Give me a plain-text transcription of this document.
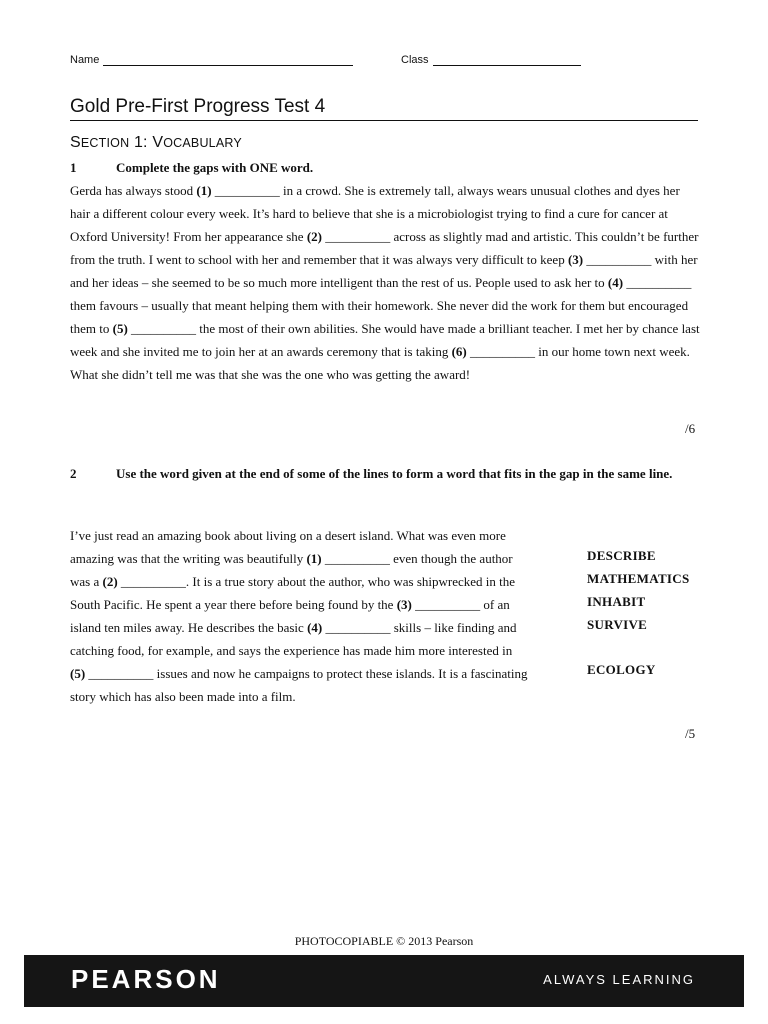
Name	Class
Gold Pre-First Progress Test 4
SECTION 1: VOCABULARY
1	Complete the gaps with ONE word.

Gerda has always stood (1) __________ in a crowd. She is extremely tall, always wears unusual clothes and dyes her hair a different colour every week. It’s hard to believe that she is a microbiologist trying to find a cure for cancer at Oxford University! From her appearance she (2) __________ across as slightly mad and artistic. This couldn’t be further from the truth. I went to school with her and remember that it was always very difficult to keep (3) __________ with her and her ideas – she seemed to be so much more intelligent than the rest of us. People used to ask her to (4) __________ them favours – usually that meant helping them with their homework. She never did the work for them but encouraged them to (5) __________ the most of their own abilities. She would have made a brilliant teacher. I met her by chance last week and she invited me to join her at an awards ceremony that is taking (6) __________ in our home town next week. What she didn’t tell me was that she was the one who was getting the award!

/6
2	Use the word given at the end of some of the lines to form a word that fits in the gap in the same line.
I’ve just read an amazing book about living on a desert island. What was even more
amazing was that the writing was beautifully (1) __________ even though the author
was a (2) __________. It is a true story about the author, who was shipwrecked in the
South Pacific. He spent a year there before being found by the (3) __________ of an
island ten miles away. He describes the basic (4) __________ skills – like finding and
catching food, for example, and says the experience has made him more interested in
(5) __________ issues and now he campaigns to protect these islands. It is a fascinating
story which has also been made into a film.
DESCRIBE
MATHEMATICS
INHABIT
SURVIVE
ECOLOGY
/5
PHOTOCOPIABLE © 2013 Pearson
PEARSON	ALWAYS LEARNING
